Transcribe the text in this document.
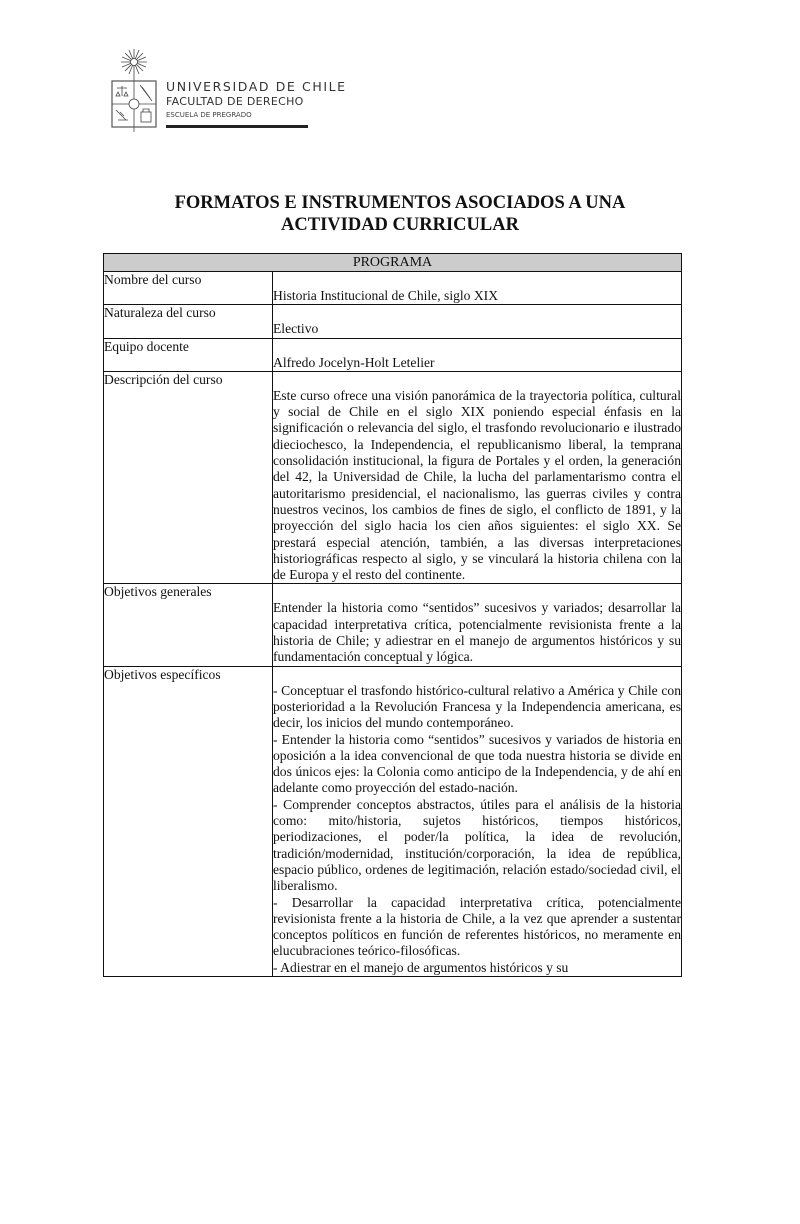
UNIVERSIDAD DE CHILE
FACULTAD DE DERECHO
ESCUELA DE PREGRADO
FORMATOS E INSTRUMENTOS ASOCIADOS A UNA
ACTIVIDAD CURRICULAR
PROGRAMA	
Nombre del curso	Historia Institucional de Chile, siglo XIX

Naturaleza del curso	Electivo

Equipo docente	Alfredo Jocelyn-Holt Letelier

Descripción del curso	Este curso ofrece una visión panorámica de la trayectoria política, cultural y social de Chile en el siglo XIX poniendo especial énfasis en la significación o relevancia del siglo, el trasfondo revolucionario e ilustrado dieciochesco, la Independencia, el republicanismo liberal, la temprana consolidación institucional, la figura de Portales y el orden, la generación del 42, la Universidad de Chile, la lucha del parlamentarismo contra el autoritarismo presidencial, el nacionalismo, las guerras civiles y contra nuestros vecinos, los cambios de fines de siglo, el conflicto de 1891, y la proyección del siglo hacia los cien años siguientes: el siglo XX. Se prestará especial atención, también, a las diversas interpretaciones historiográficas respecto al siglo, y se vinculará la historia chilena con la de Europa y el resto del continente.

Objetivos generales	Entender la historia como “sentidos” sucesivos y variados; desarrollar la capacidad interpretativa crítica, potencialmente revisionista frente a la historia de Chile; y adiestrar en el manejo de argumentos históricos y su fundamentación conceptual y lógica.

Objetivos específicos	- Conceptuar el trasfondo histórico-cultural relativo a América y Chile con posterioridad a la Revolución Francesa y la Independencia americana, es decir, los inicios del mundo contemporáneo.
- Entender la historia como “sentidos” sucesivos y variados de historia en oposición a la idea convencional de que toda nuestra historia se divide en dos únicos ejes: la Colonia como anticipo de la Independencia, y de ahí en adelante como proyección del estado-nación.
- Comprender conceptos abstractos, útiles para el análisis de la historia como: mito/historia, sujetos históricos, tiempos históricos, periodizaciones, el poder/la política, la idea de revolución, tradición/modernidad, institución/corporación, la idea de república, espacio público, ordenes de legitimación, relación estado/sociedad civil, el liberalismo.
- Desarrollar la capacidad interpretativa crítica, potencialmente revisionista frente a la historia de Chile, a la vez que aprender a sustentar conceptos políticos en función de referentes históricos, no meramente en elucubraciones teórico-filosóficas.
- Adiestrar en el manejo de argumentos históricos y su
